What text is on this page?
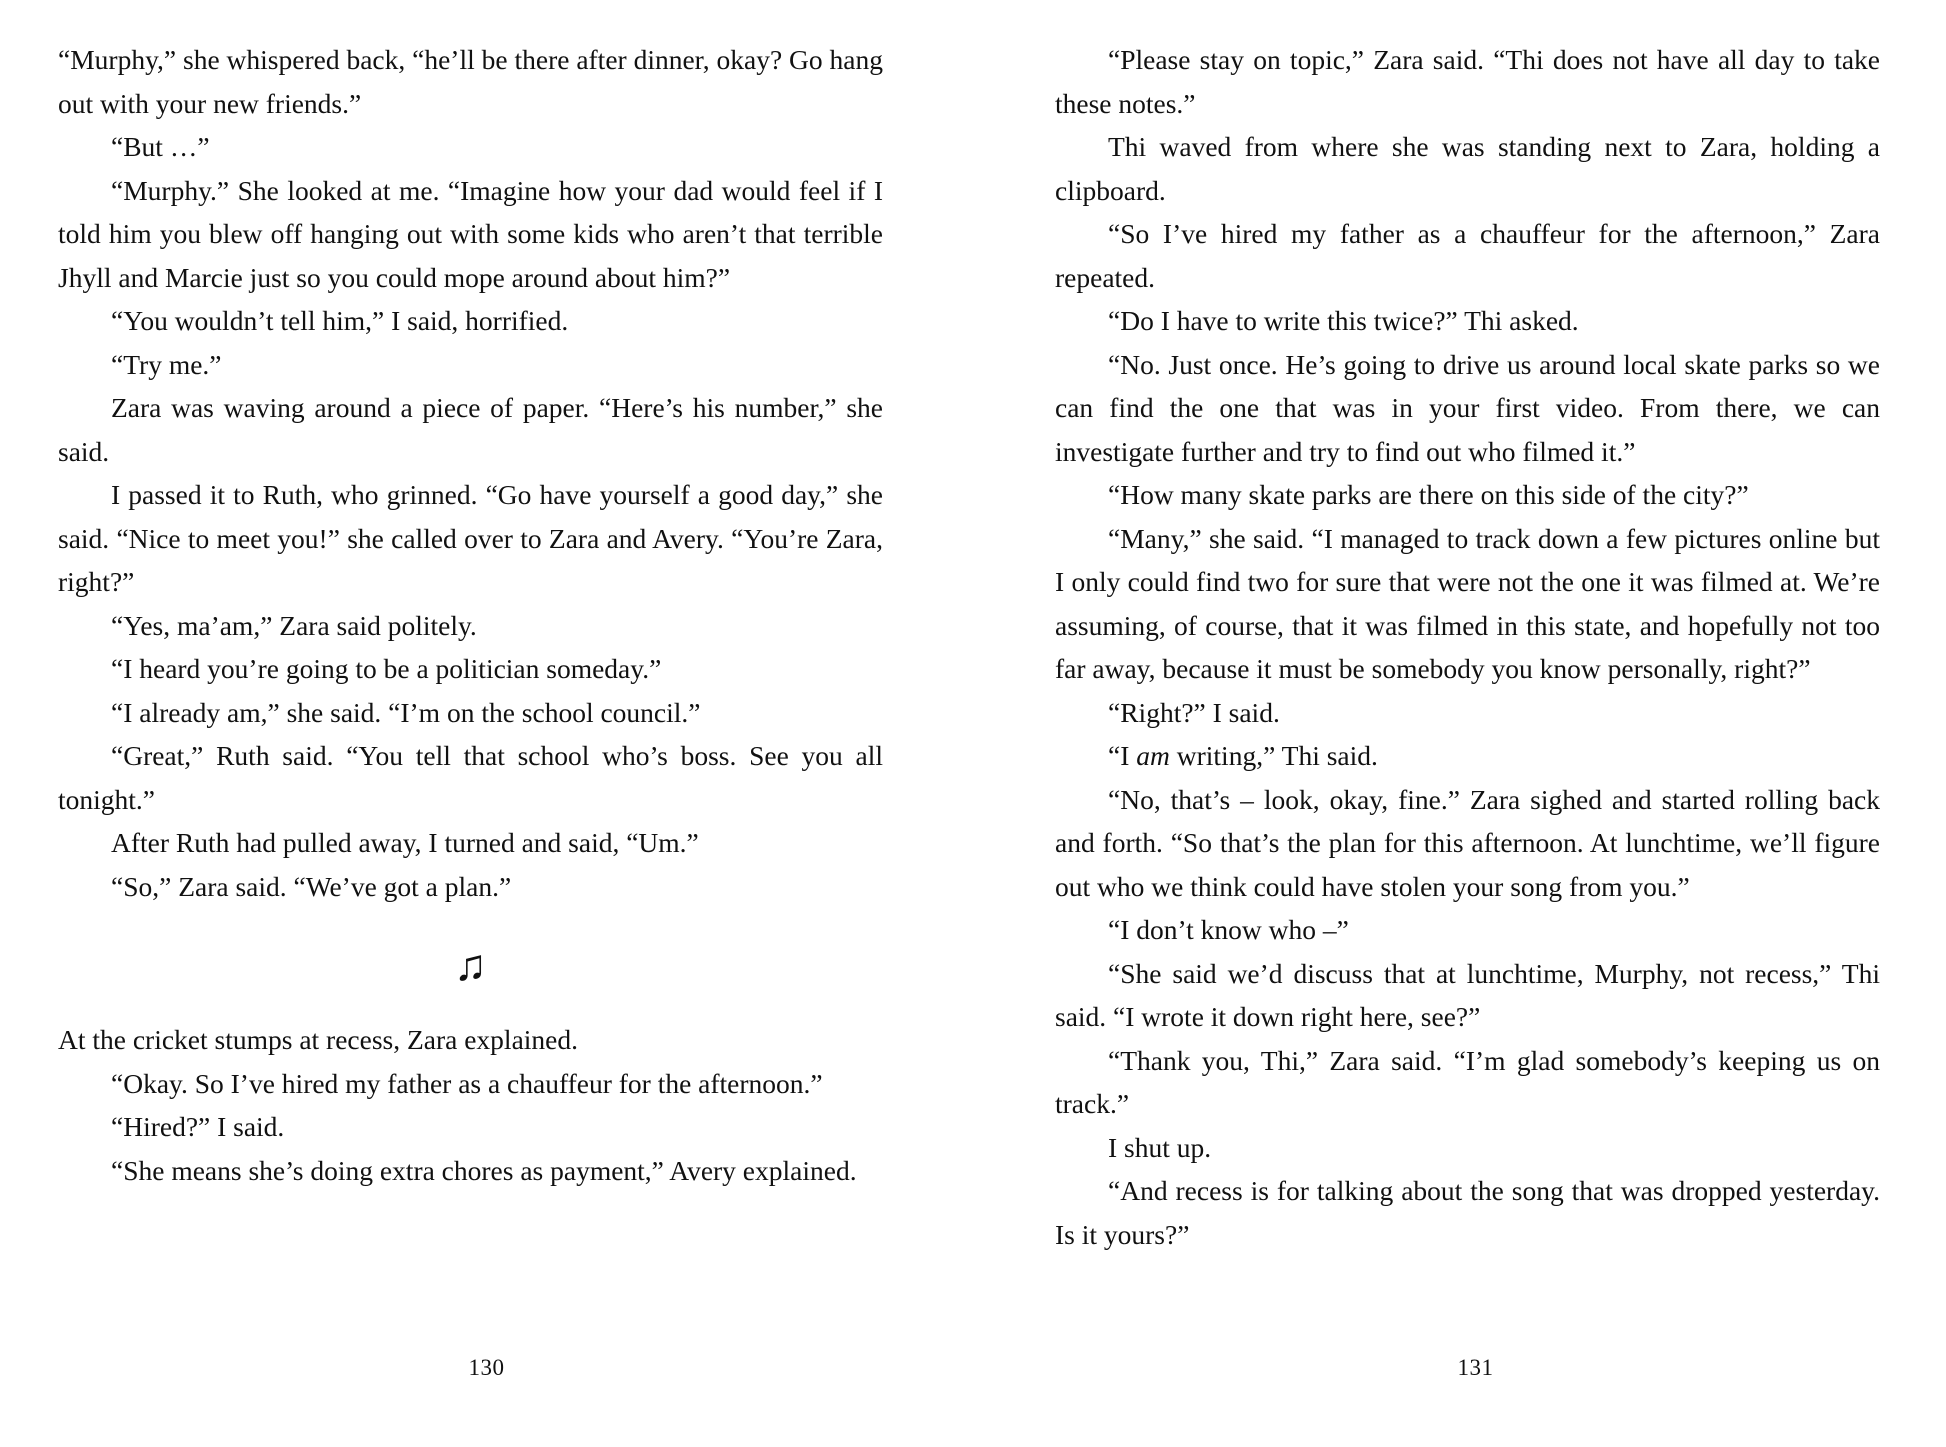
“Murphy,” she whispered back, “he’ll be there after dinner, okay? Go hang out with your new friends.”

“But …”

“Murphy.” She looked at me. “Imagine how your dad would feel if I told him you blew off hanging out with some kids who aren’t that terrible Jhyll and Marcie just so you could mope around about him?”

“You wouldn’t tell him,” I said, horrified.

“Try me.”

Zara was waving around a piece of paper. “Here’s his number,” she said.

I passed it to Ruth, who grinned. “Go have yourself a good day,” she said. “Nice to meet you!” she called over to Zara and Avery. “You’re Zara, right?”

“Yes, ma’am,” Zara said politely.

“I heard you’re going to be a politician someday.”

“I already am,” she said. “I’m on the school council.”

“Great,” Ruth said. “You tell that school who’s boss. See you all tonight.”

After Ruth had pulled away, I turned and said, “Um.”

“So,” Zara said. “We’ve got a plan.”

♫

At the cricket stumps at recess, Zara explained.

“Okay. So I’ve hired my father as a chauffeur for the afternoon.”

“Hired?” I said.

“She means she’s doing extra chores as payment,” Avery explained.

130

“Please stay on topic,” Zara said. “Thi does not have all day to take these notes.”

Thi waved from where she was standing next to Zara, holding a clipboard.

“So I’ve hired my father as a chauffeur for the afternoon,” Zara repeated.

“Do I have to write this twice?” Thi asked.

“No. Just once. He’s going to drive us around local skate parks so we can find the one that was in your first video. From there, we can investigate further and try to find out who filmed it.”

“How many skate parks are there on this side of the city?”

“Many,” she said. “I managed to track down a few pictures online but I only could find two for sure that were not the one it was filmed at. We’re assuming, of course, that it was filmed in this state, and hopefully not too far away, because it must be somebody you know personally, right?”

“Right?” I said.

“I am writing,” Thi said.

“No, that’s – look, okay, fine.” Zara sighed and started rolling back and forth. “So that’s the plan for this afternoon. At lunchtime, we’ll figure out who we think could have stolen your song from you.”

“I don’t know who –”

“She said we’d discuss that at lunchtime, Murphy, not recess,” Thi said. “I wrote it down right here, see?”

“Thank you, Thi,” Zara said. “I’m glad somebody’s keeping us on track.”

I shut up.

“And recess is for talking about the song that was dropped yesterday. Is it yours?”

131
